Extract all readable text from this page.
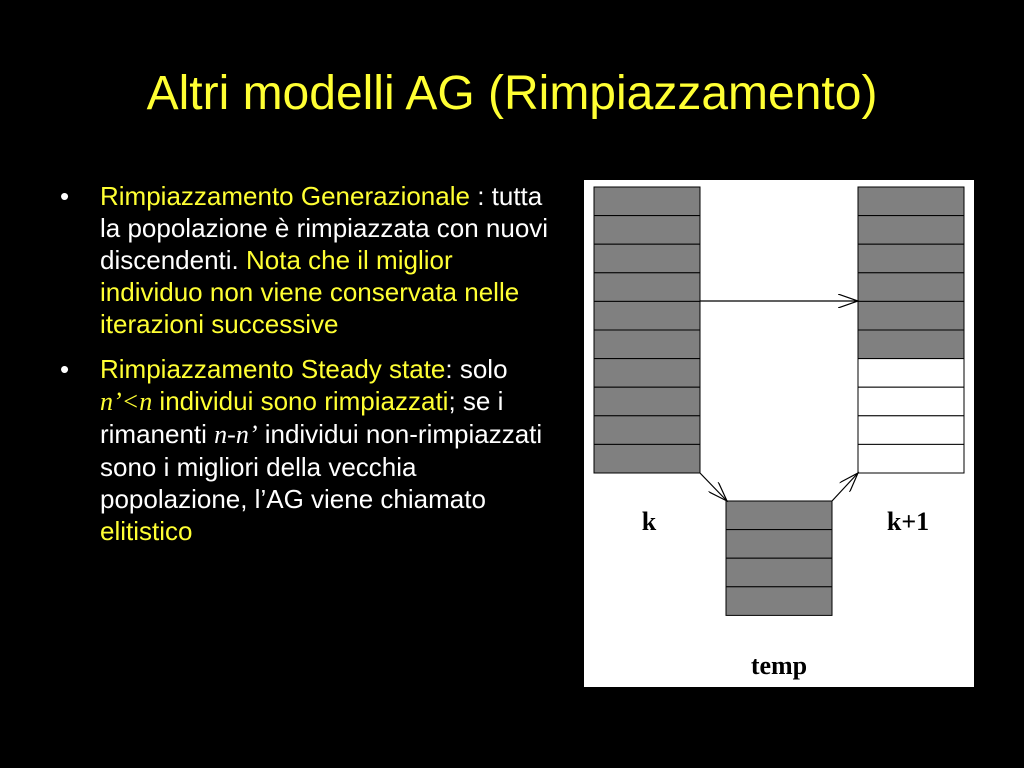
Altri modelli AG (Rimpiazzamento)
• Rimpiazzamento Generazionale : tutta la popolazione è rimpiazzata con nuovi discendenti. Nota che il miglior individuo non viene conservata nelle iterazioni successive
• Rimpiazzamento Steady state: solo n’<n individui sono rimpiazzati; se i rimanenti n-n’ individui non-rimpiazzati sono i migliori della vecchia popolazione, l’AG viene chiamato elitistico	k	k+1
temp
